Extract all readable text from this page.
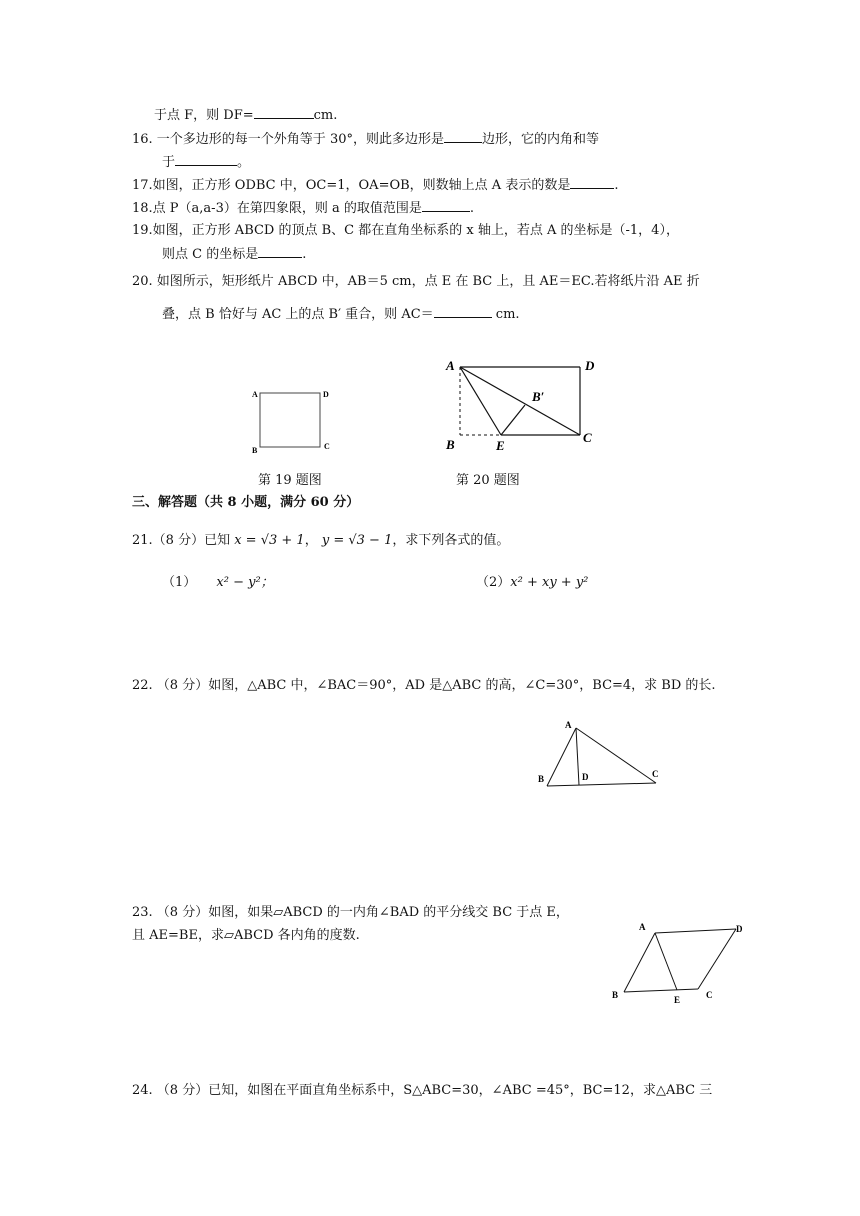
于点 F，则 DF=	cm.
16. 一个多边形的每一个外角等于 30°，则此多边形是	边形，它的内角和等
于	。
17.如图，正方形 ODBC 中，OC=1，OA=OB，则数轴上点 A 表示的数是	.
18.点 P（a,a-3）在第四象限，则 a 的取值范围是	.
19.如图，正方形 ABCD 的顶点 B、C 都在直角坐标系的 x 轴上，若点 A 的坐标是（-1，4），
则点 C 的坐标是	.
20. 如图所示，矩形纸片 ABCD 中，AB＝5 cm，点 E 在 BC 上，且 AE＝EC.若将纸片沿 AE 折
叠，点 B 恰好与 AC 上的点 B′ 重合，则 AC＝	cm.
A	D
B	C
A	D
B	E
C
B′
第 19 题图	第 20 题图
三、解答题（共 8 小题，满分 60 分）
21.（8 分）已知 x = √3 + 1， y = √3 − 1，求下列各式的值。
（1） x² − y²；	（2）x² + xy + y²
22. （8 分）如图，△ABC 中，∠BAC＝90°，AD 是△ABC 的高，∠C=30°，BC=4，求 BD 的长.
A
B	D	C
23. （8 分）如图，如果▱ABCD 的一内角∠BAD 的平分线交 BC 于点 E，
且 AE=BE，求▱ABCD 各内角的度数.
A	D
B	E	C
24. （8 分）已知，如图在平面直角坐标系中，S△ABC=30，∠ABC =45°，BC=12，求△ABC 三
